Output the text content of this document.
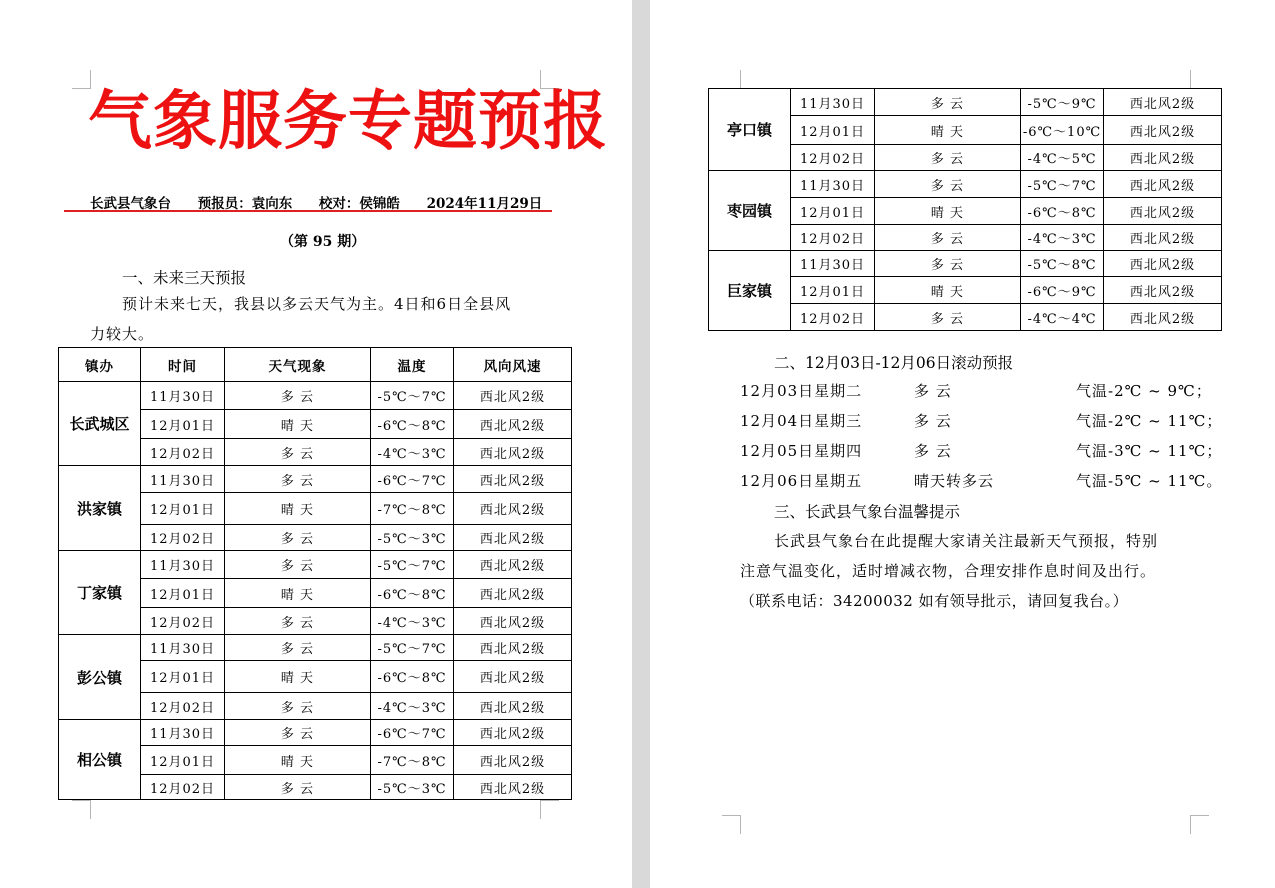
气象服务专题预报
长武县气象台 预报员：袁向东 校对：侯锦皓 2024年11月29日
（第 95 期）
一、未来三天预报
预计未来七天，我县以多云天气为主。4日和6日全县风
力较大。
镇办	时间	天气现象	温度	风向风速
长武城区	11月30日	多 云	-5℃～7℃	西北风2级
	12月01日	晴 天	-6℃～8℃	西北风2级
	12月02日	多 云	-4℃～3℃	西北风2级
洪家镇	11月30日	多 云	-6℃～7℃	西北风2级
	12月01日	晴 天	-7℃～8℃	西北风2级
	12月02日	多 云	-5℃～3℃	西北风2级
丁家镇	11月30日	多 云	-5℃～7℃	西北风2级
	12月01日	晴 天	-6℃～8℃	西北风2级
	12月02日	多 云	-4℃～3℃	西北风2级
彭公镇	11月30日	多 云	-5℃～7℃	西北风2级
	12月01日	晴 天	-6℃～8℃	西北风2级
	12月02日	多 云	-4℃～3℃	西北风2级
相公镇	11月30日	多 云	-6℃～7℃	西北风2级
	12月01日	晴 天	-7℃～8℃	西北风2级
	12月02日	多 云	-5℃～3℃	西北风2级
亭口镇	11月30日	多 云	-5℃～9℃	西北风2级
	12月01日	晴 天	-6℃～10℃	西北风2级
	12月02日	多 云	-4℃～5℃	西北风2级
枣园镇	11月30日	多 云	-5℃～7℃	西北风2级
	12月01日	晴 天	-6℃～8℃	西北风2级
	12月02日	多 云	-4℃～3℃	西北风2级
巨家镇	11月30日	多 云	-5℃～8℃	西北风2级
	12月01日	晴 天	-6℃～9℃	西北风2级
	12月02日	多 云	-4℃～4℃	西北风2级
二、12月03日-12月06日滚动预报
12月03日星期二	多 云	气温-2℃ ~ 9℃；
12月04日星期三	多 云	气温-2℃ ~ 11℃；
12月05日星期四	多 云	气温-3℃ ~ 11℃；
12月06日星期五	晴天转多云	气温-5℃ ~ 11℃。
三、长武县气象台温馨提示
长武县气象台在此提醒大家请关注最新天气预报，特别
注意气温变化，适时增减衣物，合理安排作息时间及出行。
（联系电话：34200032 如有领导批示，请回复我台。）
